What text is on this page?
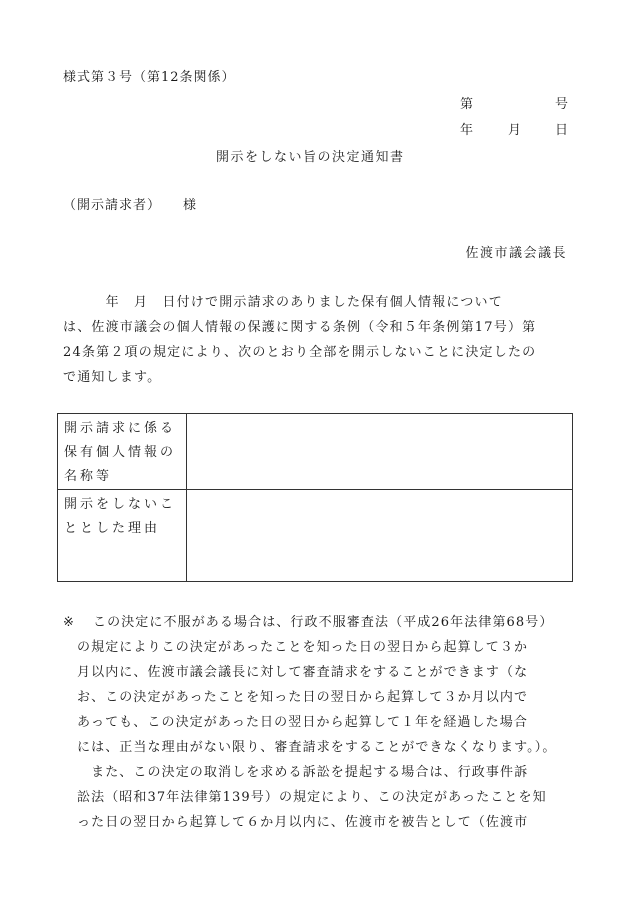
様式第３号（第12条関係）
第	号
年	月	日
開示をしない旨の決定通知書
（開示請求者） 様
佐渡市議会議長
　　　年　月　日付けで開示請求のありました保有個人情報について
は、佐渡市議会の個人情報の保護に関する条例（令和５年条例第17号）第
24条第２項の規定により、次のとおり全部を開示しないことに決定したの
で通知します。
開示請求に係る
保有個人情報の
名称等
開示をしないこ
ととした理由
※ この決定に不服がある場合は、行政不服審査法（平成26年法律第68号）
の規定によりこの決定があったことを知った日の翌日から起算して３か
月以内に、佐渡市議会議長に対して審査請求をすることができます（な
お、この決定があったことを知った日の翌日から起算して３か月以内で
あっても、この決定があった日の翌日から起算して１年を経過した場合
には、正当な理由がない限り、審査請求をすることができなくなります。）。
　また、この決定の取消しを求める訴訟を提起する場合は、行政事件訴
訟法（昭和37年法律第139号）の規定により、この決定があったことを知
った日の翌日から起算して６か月以内に、佐渡市を被告として（佐渡市
